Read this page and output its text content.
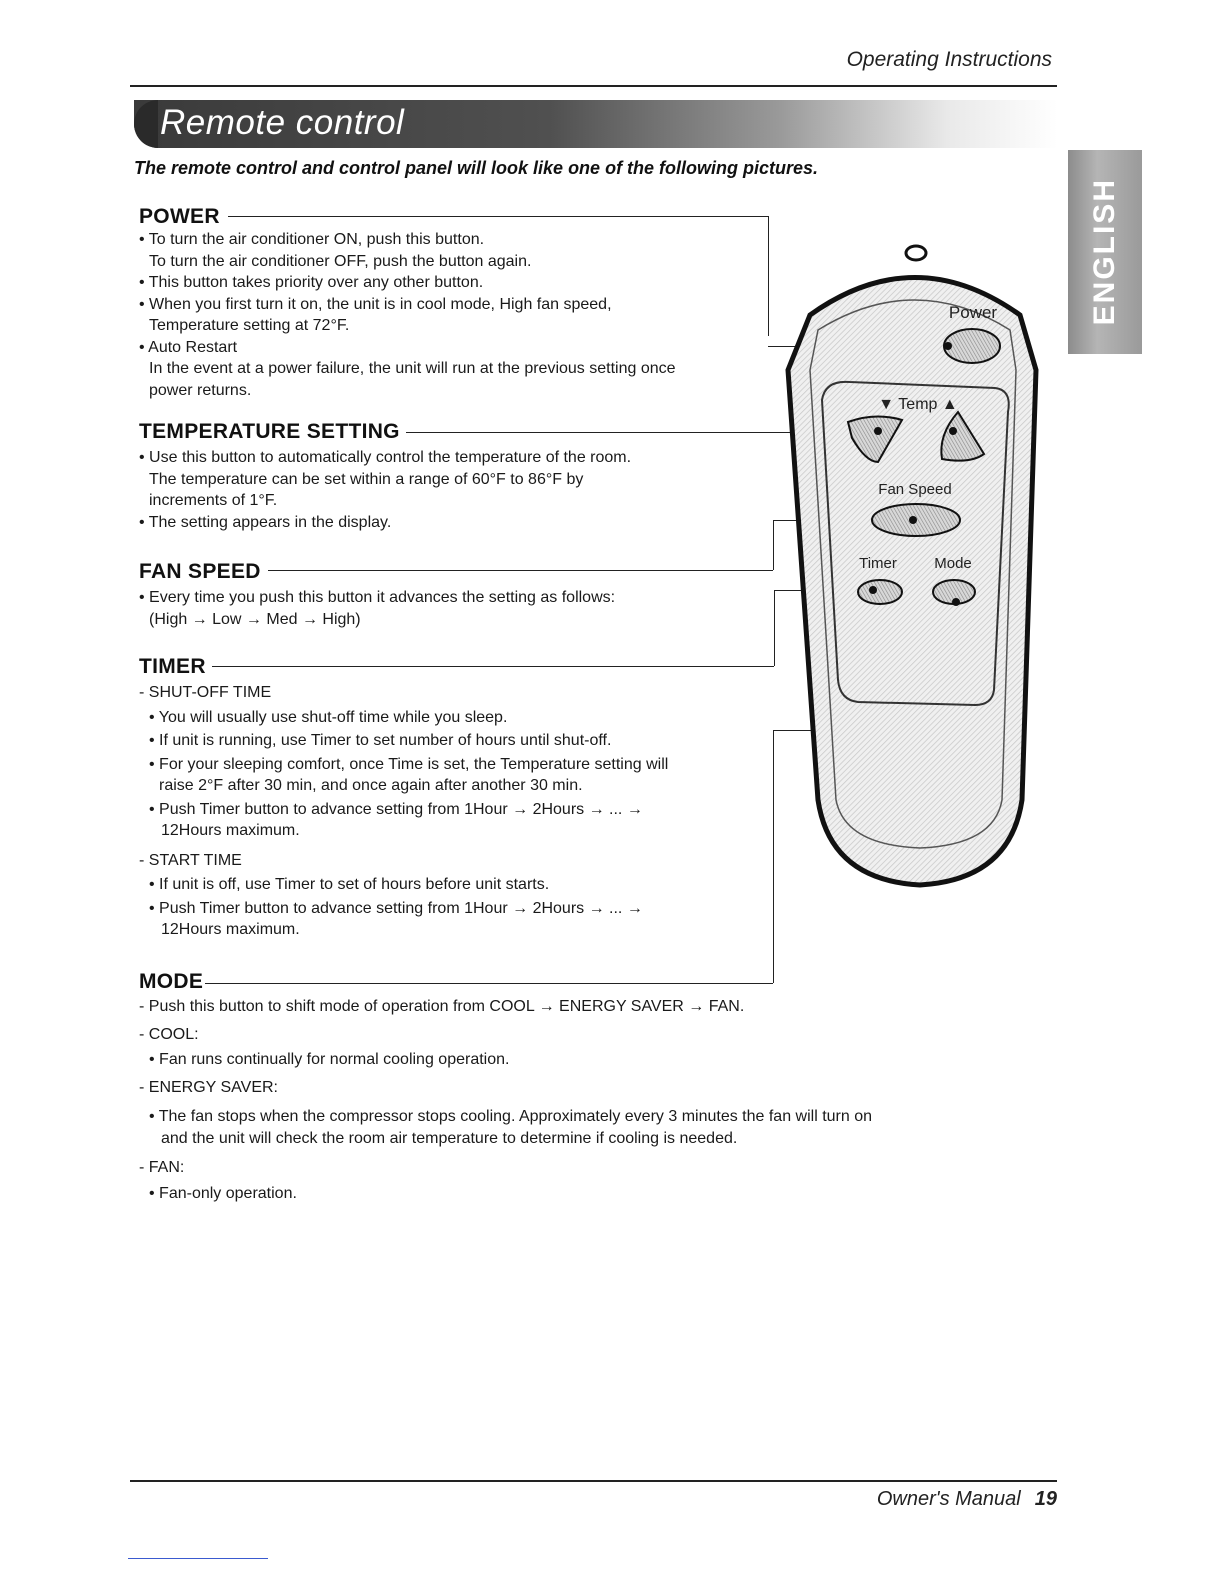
Operating Instructions
Remote control
ENGLISH
The remote control and control panel will look like one of the following pictures.
POWER
• To turn the air conditioner ON, push this button.
To turn the air conditioner OFF, push the button again.
• This button takes priority over any other button.
• When you first turn it on, the unit is in cool mode, High fan speed,
Temperature setting at 72°F.
• Auto Restart
In the event at a power failure, the unit will run at the previous setting once
power returns.
TEMPERATURE SETTING
• Use this button to automatically control the temperature of the room.
The temperature can be set within a range of 60°F to 86°F by
increments of 1°F.
• The setting appears in the display.
FAN SPEED
• Every time you push this button it advances the setting as follows:
(High → Low → Med → High)
TIMER
- SHUT-OFF TIME
• You will usually use shut-off time while you sleep.
• If unit is running, use Timer to set number of hours until shut-off.
• For your sleeping comfort, once Time is set, the Temperature setting will
raise 2°F after 30 min, and once again after another 30 min.
• Push Timer button to advance setting from 1Hour → 2Hours → ... →
12Hours maximum.
- START TIME
• If unit is off, use Timer to set of hours before unit starts.
• Push Timer button to advance setting from 1Hour → 2Hours → ... →
12Hours maximum.
MODE
- Push this button to shift mode of operation from COOL → ENERGY SAVER → FAN.
- COOL:
• Fan runs continually for normal cooling operation.
- ENERGY SAVER:
• The fan stops when the compressor stops cooling. Approximately every 3 minutes the fan will turn on
and the unit will check the room air temperature to determine if cooling is needed.
- FAN:
• Fan-only operation.
Power
▼ Temp ▲
Fan Speed
Timer Mode
Owner's Manual 19
